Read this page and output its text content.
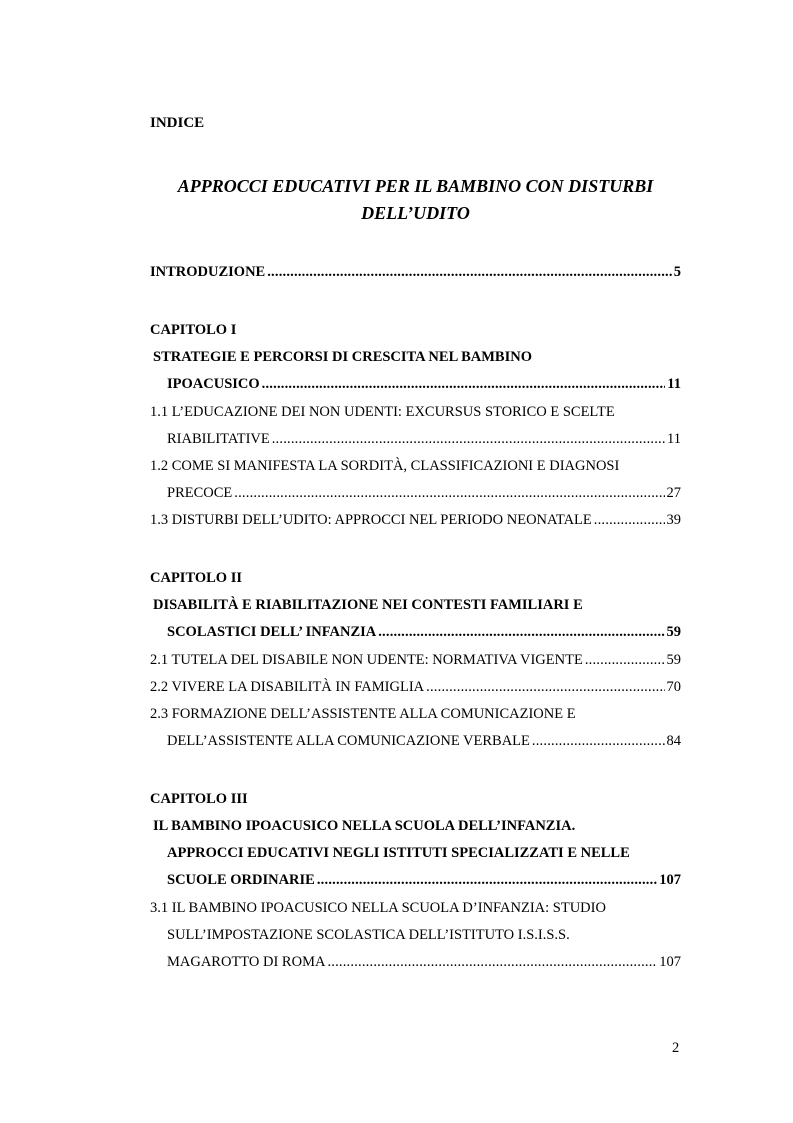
INDICE
APPROCCI EDUCATIVI PER IL BAMBINO CON DISTURBI
DELL’UDITO
INTRODUZIONE .....	5
CAPITOLO I
STRATEGIE E PERCORSI DI CRESCITA NEL BAMBINO
IPOACUSICO .....	11
1.1 L’EDUCAZIONE DEI NON UDENTI: EXCURSUS STORICO E SCELTE
RIABILITATIVE .....	11
1.2 COME SI MANIFESTA LA SORDITÀ, CLASSIFICAZIONI E DIAGNOSI
PRECOCE .....	27
1.3 DISTURBI DELL’UDITO: APPROCCI NEL PERIODO NEONATALE .....	39
CAPITOLO II
DISABILITÀ E RIABILITAZIONE NEI CONTESTI FAMILIARI E
SCOLASTICI DELL’ INFANZIA .....	59
2.1 TUTELA DEL DISABILE NON UDENTE: NORMATIVA VIGENTE .....	59
2.2 VIVERE LA DISABILITÀ IN FAMIGLIA .....	70
2.3 FORMAZIONE DELL’ASSISTENTE ALLA COMUNICAZIONE E
DELL’ASSISTENTE ALLA COMUNICAZIONE VERBALE .....	84
CAPITOLO III
IL BAMBINO IPOACUSICO NELLA SCUOLA DELL’INFANZIA.
APPROCCI EDUCATIVI NEGLI ISTITUTI SPECIALIZZATI E NELLE
SCUOLE ORDINARIE .....	107
3.1 IL BAMBINO IPOACUSICO NELLA SCUOLA D’INFANZIA: STUDIO
SULL’IMPOSTAZIONE SCOLASTICA DELL’ISTITUTO I.S.I.S.S.
MAGAROTTO DI ROMA .....	107
2
